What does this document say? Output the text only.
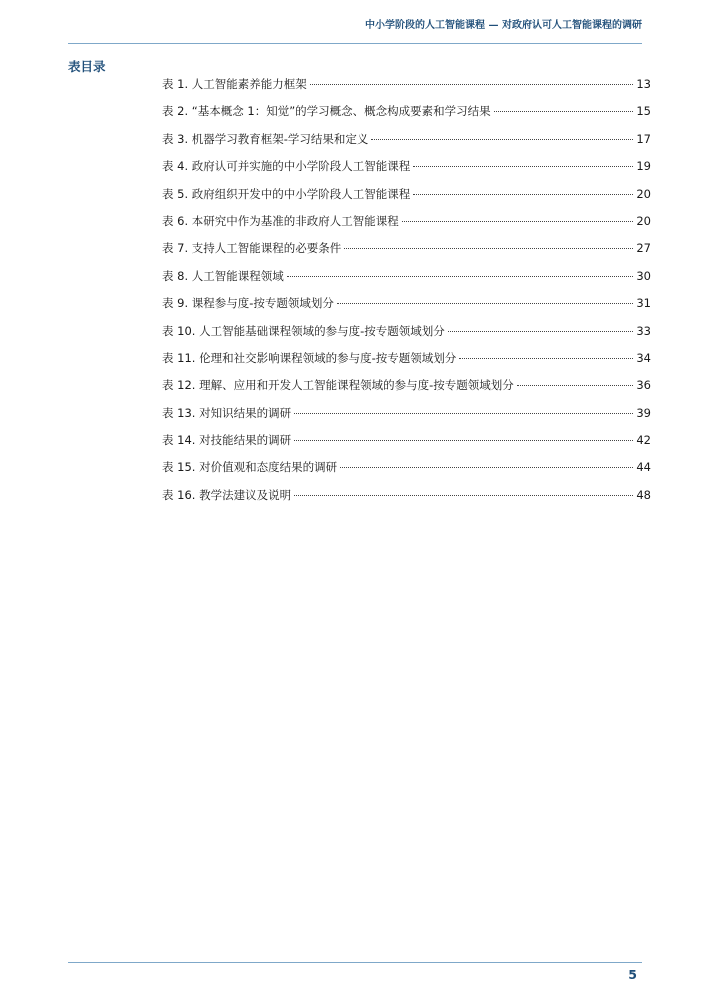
中小学阶段的人工智能课程 — 对政府认可人工智能课程的调研
表目录
表 1. 人工智能素养能力框架	13
表 2. “基本概念 1：知觉”的学习概念、概念构成要素和学习结果	15
表 3. 机器学习教育框架-学习结果和定义	17
表 4. 政府认可并实施的中小学阶段人工智能课程	19
表 5. 政府组织开发中的中小学阶段人工智能课程	20
表 6. 本研究中作为基准的非政府人工智能课程	20
表 7. 支持人工智能课程的必要条件	27
表 8. 人工智能课程领域	30
表 9. 课程参与度-按专题领域划分	31
表 10. 人工智能基础课程领域的参与度-按专题领域划分	33
表 11. 伦理和社交影响课程领域的参与度-按专题领域划分	34
表 12. 理解、应用和开发人工智能课程领域的参与度-按专题领域划分	36
表 13. 对知识结果的调研	39
表 14. 对技能结果的调研	42
表 15. 对价值观和态度结果的调研	44
表 16. 教学法建议及说明	48
5
